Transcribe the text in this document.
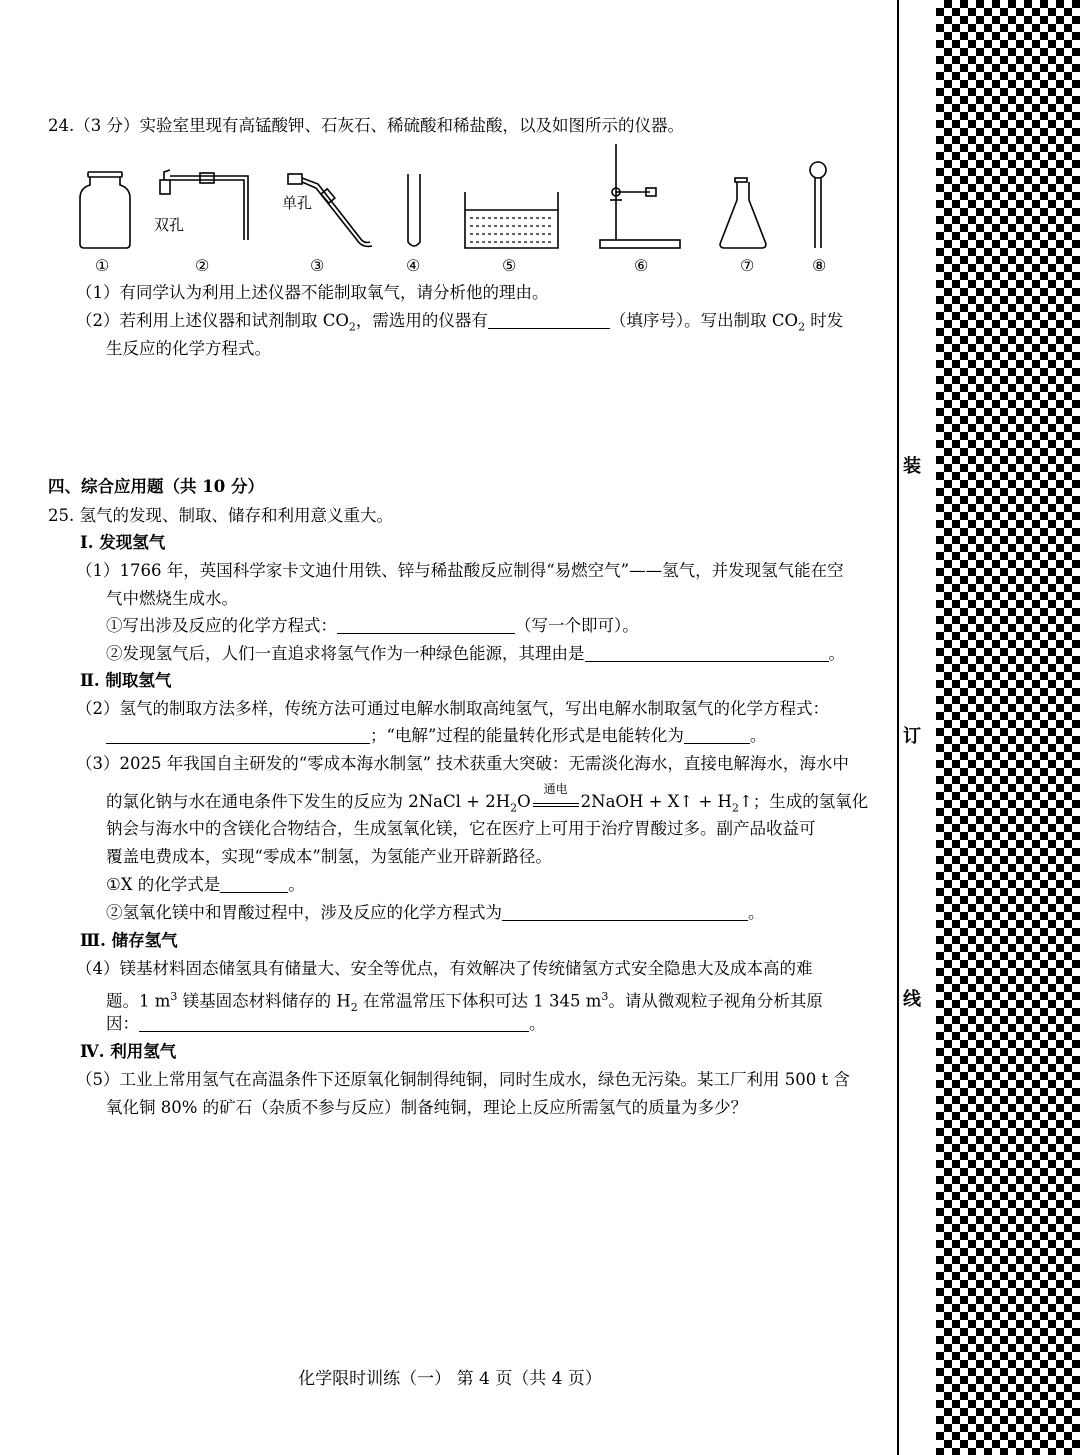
装
订
线
24.（3 分）实验室里现有高锰酸钾、石灰石、稀硫酸和稀盐酸，以及如图所示的仪器。
双孔
单孔
①	②	③	④	⑤	⑥	⑦	⑧
（1）有同学认为利用上述仪器不能制取氧气，请分析他的理由。
（2）若利用上述仪器和试剂制取 $CO_2$，需选用的仪器有	（填序号）。写出制取 $CO_2$ 时发
生反应的化学方程式。
四、综合应用题（共 10 分）
25. 氢气的发现、制取、储存和利用意义重大。
Ⅰ. 发现氢气
（1）1766 年，英国科学家卡文迪什用铁、锌与稀盐酸反应制得“易燃空气”——氢气，并发现氢气能在空
气中燃烧生成水。
①写出涉及反应的化学方程式：	（写一个即可）。
②发现氢气后，人们一直追求将氢气作为一种绿色能源，其理由是	。
Ⅱ. 制取氢气
（2）氢气的制取方法多样，传统方法可通过电解水制取高纯氢气，写出电解水制取氢气的化学方程式：
；“电解”过程的能量转化形式是电能转化为	。
（3）2025 年我国自主研发的“零成本海水制氢” 技术获重大突破：无需淡化海水，直接电解海水，海水中
的氯化钠与水在通电条件下发生的反应为 2NaCl + $2H_2O$
通电
2NaOH + X↑ + $H_2↑$；生成的氢氧化
钠会与海水中的含镁化合物结合，生成氢氧化镁，它在医疗上可用于治疗胃酸过多。副产品收益可
覆盖电费成本，实现“零成本”制氢，为氢能产业开辟新路径。
①X 的化学式是	。
②氢氧化镁中和胃酸过程中，涉及反应的化学方程式为	。
Ⅲ. 储存氢气
（4）镁基材料固态储氢具有储量大、安全等优点，有效解决了传统储氢方式安全隐患大及成本高的难
题。1 $m^3$ 镁基固态材料储存的 $H_2$ 在常温常压下体积可达 1 345 $m^3$。请从微观粒子视角分析其原
因：	。
Ⅳ. 利用氢气
（5）工业上常用氢气在高温条件下还原氧化铜制得纯铜，同时生成水，绿色无污染。某工厂利用 500 t 含
氧化铜 80% 的矿石（杂质不参与反应）制备纯铜，理论上反应所需氢气的质量为多少？
化学限时训练（一） 第 4 页（共 4 页）
